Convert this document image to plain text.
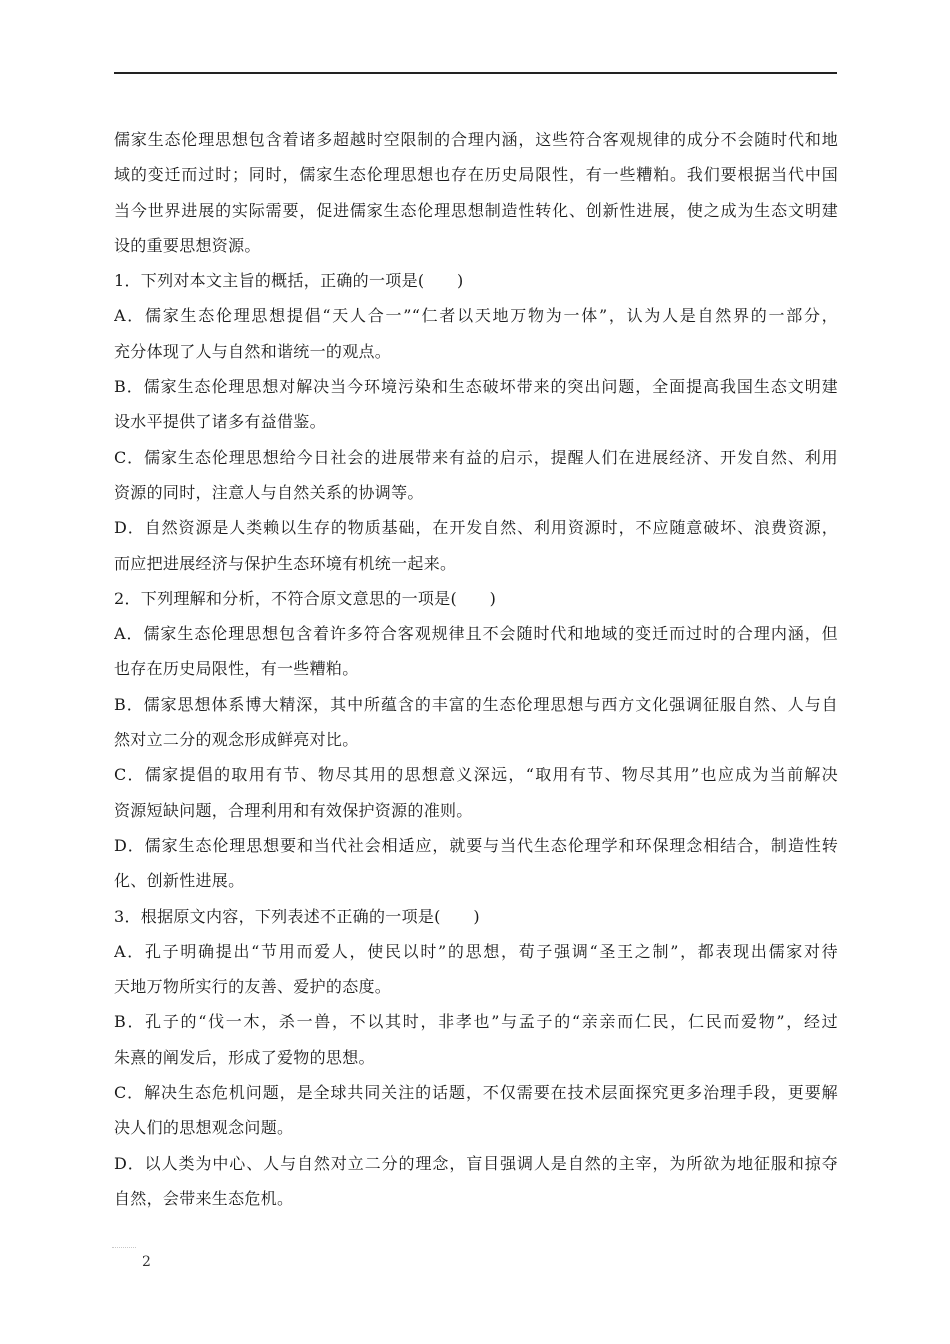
儒家生态伦理思想包含着诸多超越时空限制的合理内涵，这些符合客观规律的成分不会随时代和地
域的变迁而过时；同时，儒家生态伦理思想也存在历史局限性，有一些糟粕。我们要根据当代中国
当今世界进展的实际需要，促进儒家生态伦理思想制造性转化、创新性进展，使之成为生态文明建
设的重要思想资源。
1．下列对本文主旨的概括，正确的一项是(　　)
A．儒家生态伦理思想提倡“天人合一”“仁者以天地万物为一体”，认为人是自然界的一部分，
充分体现了人与自然和谐统一的观点。
B．儒家生态伦理思想对解决当今环境污染和生态破坏带来的突出问题，全面提高我国生态文明建
设水平提供了诸多有益借鉴。
C．儒家生态伦理思想给今日社会的进展带来有益的启示，提醒人们在进展经济、开发自然、利用
资源的同时，注意人与自然关系的协调等。
D．自然资源是人类赖以生存的物质基础，在开发自然、利用资源时，不应随意破坏、浪费资源，
而应把进展经济与保护生态环境有机统一起来。
2．下列理解和分析，不符合原文意思的一项是(　　)
A．儒家生态伦理思想包含着许多符合客观规律且不会随时代和地域的变迁而过时的合理内涵，但
也存在历史局限性，有一些糟粕。
B．儒家思想体系博大精深，其中所蕴含的丰富的生态伦理思想与西方文化强调征服自然、人与自
然对立二分的观念形成鲜亮对比。
C．儒家提倡的取用有节、物尽其用的思想意义深远，“取用有节、物尽其用”也应成为当前解决
资源短缺问题，合理利用和有效保护资源的准则。
D．儒家生态伦理思想要和当代社会相适应，就要与当代生态伦理学和环保理念相结合，制造性转
化、创新性进展。
3．根据原文内容，下列表述不正确的一项是(　　)
A．孔子明确提出“节用而爱人，使民以时”的思想，荀子强调“圣王之制”，都表现出儒家对待
天地万物所实行的友善、爱护的态度。
B．孔子的“伐一木，杀一兽，不以其时，非孝也”与孟子的“亲亲而仁民，仁民而爱物”，经过
朱熹的阐发后，形成了爱物的思想。
C．解决生态危机问题，是全球共同关注的话题，不仅需要在技术层面探究更多治理手段，更要解
决人们的思想观念问题。
D．以人类为中心、人与自然对立二分的理念，盲目强调人是自然的主宰，为所欲为地征服和掠夺
自然，会带来生态危机。
2
